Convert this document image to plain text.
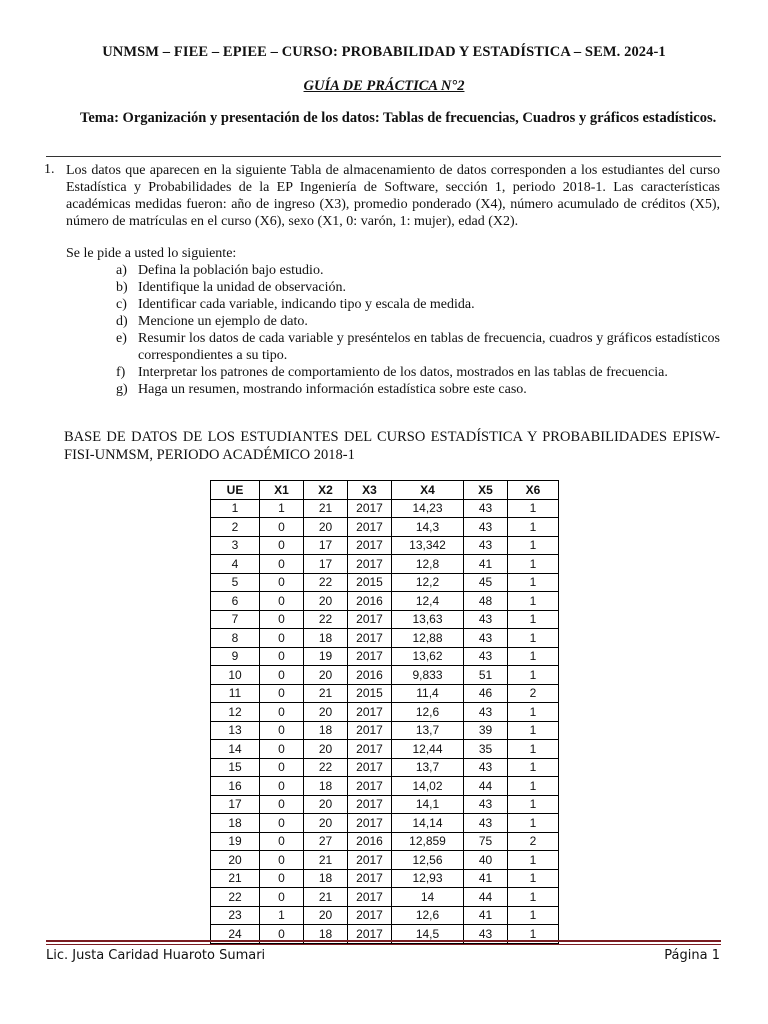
UNMSM – FIEE – EPIEE – CURSO: PROBABILIDAD Y ESTADÍSTICA – SEM. 2024-1
GUÍA DE PRÁCTICA N°2
Tema: Organización y presentación de los datos: Tablas de frecuencias, Cuadros y gráficos estadísticos.
1. Los datos que aparecen en la siguiente Tabla de almacenamiento de datos corresponden a los estudiantes del curso Estadística y Probabilidades de la EP Ingeniería de Software, sección 1, periodo 2018-1. Las características académicas medidas fueron: año de ingreso (X3), promedio ponderado (X4), número acumulado de créditos (X5), número de matrículas en el curso (X6), sexo (X1, 0: varón, 1: mujer), edad (X2).
Se le pide a usted lo siguiente:
a) Defina la población bajo estudio.
b) Identifique la unidad de observación.
c) Identificar cada variable, indicando tipo y escala de medida.
d) Mencione un ejemplo de dato.
e) Resumir los datos de cada variable y preséntelos en tablas de frecuencia, cuadros y gráficos estadísticos correspondientes a su tipo.
f) Interpretar los patrones de comportamiento de los datos, mostrados en las tablas de frecuencia.
g) Haga un resumen, mostrando información estadística sobre este caso.
BASE DE DATOS DE LOS ESTUDIANTES DEL CURSO ESTADÍSTICA Y PROBABILIDADES EPISW-FISI-UNMSM, PERIODO ACADÉMICO 2018-1
UE	X1	X2	X3	X4	X5	X6
1	1	21	2017	14,23	43	1
2	0	20	2017	14,3	43	1
3	0	17	2017	13,342	43	1
4	0	17	2017	12,8	41	1
5	0	22	2015	12,2	45	1
6	0	20	2016	12,4	48	1
7	0	22	2017	13,63	43	1
8	0	18	2017	12,88	43	1
9	0	19	2017	13,62	43	1
10	0	20	2016	9,833	51	1
11	0	21	2015	11,4	46	2
12	0	20	2017	12,6	43	1
13	0	18	2017	13,7	39	1
14	0	20	2017	12,44	35	1
15	0	22	2017	13,7	43	1
16	0	18	2017	14,02	44	1
17	0	20	2017	14,1	43	1
18	0	20	2017	14,14	43	1
19	0	27	2016	12,859	75	2
20	0	21	2017	12,56	40	1
21	0	18	2017	12,93	41	1
22	0	21	2017	14	44	1
23	1	20	2017	12,6	41	1
24	0	18	2017	14,5	43	1
Lic. Justa Caridad Huaroto Sumari	Página 1
